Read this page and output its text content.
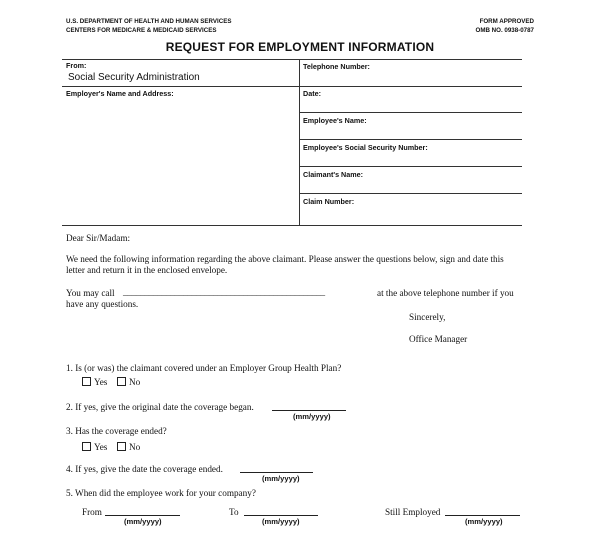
U.S. DEPARTMENT OF HEALTH AND HUMAN SERVICES
CENTERS FOR MEDICARE & MEDICAID SERVICES
FORM APPROVED
OMB NO. 0938-0787
REQUEST FOR EMPLOYMENT INFORMATION
From:
Social Security Administration
Employer's Name and Address:
Telephone Number:
Date:
Employee's Name:
Employee's Social Security Number:
Claimant's Name:
Claim Number:
Dear Sir/Madam:
We need the following information regarding the above claimant. Please answer the questions below, sign and date this
letter and return it in the enclosed envelope.
You may call _______________________________________________	at the above telephone number if you
have any questions.
Sincerely,
Office Manager
1. Is (or was) the claimant covered under an Employer Group Health Plan?
Yes No
2. If yes, give the original date the coverage began.
(mm/yyyy)
3. Has the coverage ended?
Yes No
4. If yes, give the date the coverage ended.
(mm/yyyy)
5. When did the employee work for your company?
From
(mm/yyyy)
To
(mm/yyyy)
Still Employed
(mm/yyyy)
